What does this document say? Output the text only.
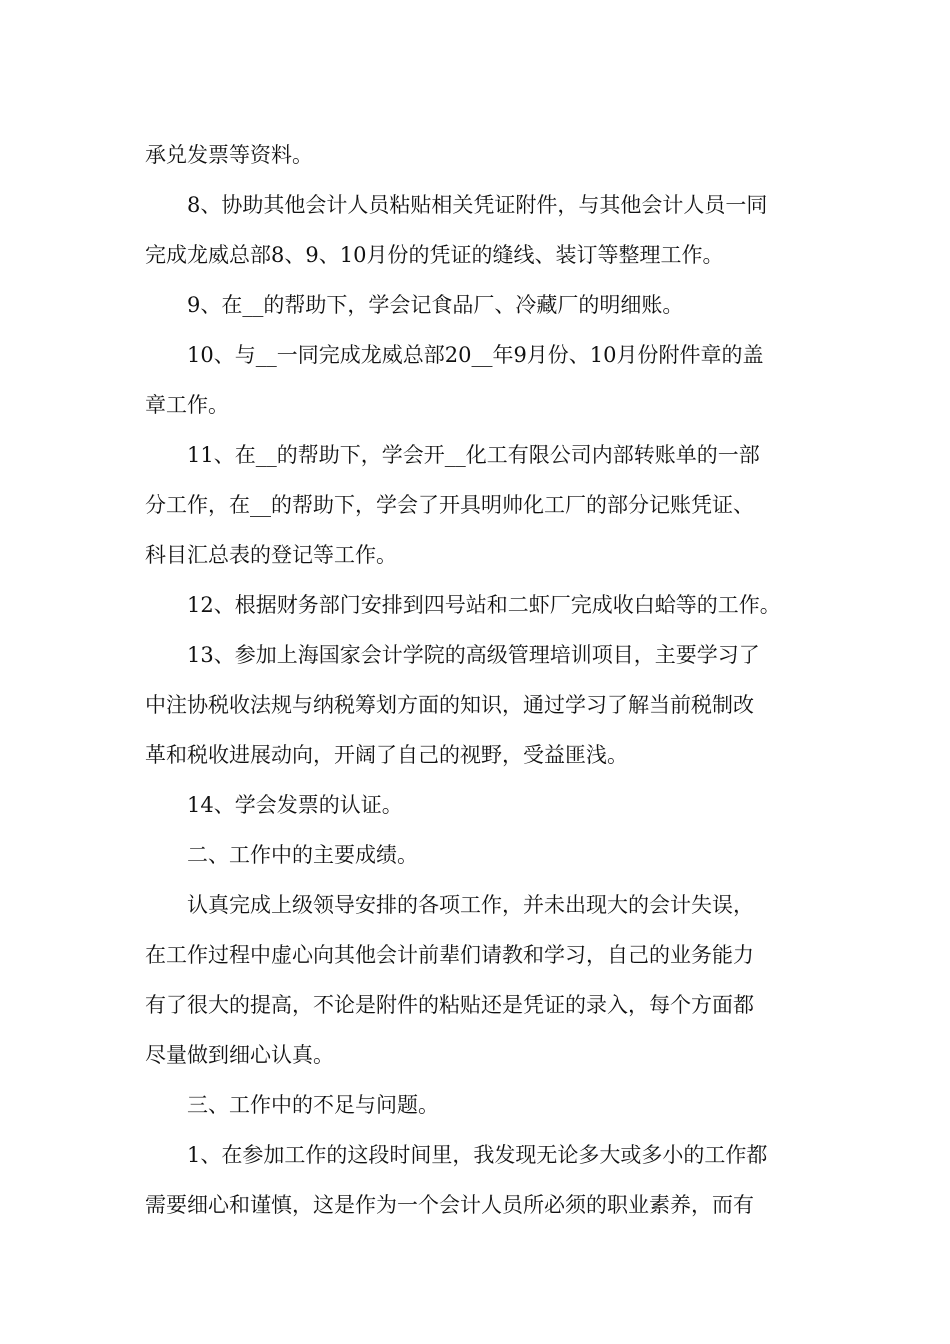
承兑发票等资料。
8、协助其他会计人员粘贴相关凭证附件，与其他会计人员一同
完成龙威总部8、9、10月份的凭证的缝线、装订等整理工作。
9、在__的帮助下，学会记食品厂、冷藏厂的明细账。
10、与__一同完成龙威总部20__年9月份、10月份附件章的盖
章工作。
11、在__的帮助下，学会开__化工有限公司内部转账单的一部
分工作，在__的帮助下，学会了开具明帅化工厂的部分记账凭证、
科目汇总表的登记等工作。
12、根据财务部门安排到四号站和二虾厂完成收白蛤等的工作。
13、参加上海国家会计学院的高级管理培训项目，主要学习了
中注协税收法规与纳税筹划方面的知识，通过学习了解当前税制改
革和税收进展动向，开阔了自己的视野，受益匪浅。
14、学会发票的认证。
二、工作中的主要成绩。
认真完成上级领导安排的各项工作，并未出现大的会计失误，
在工作过程中虚心向其他会计前辈们请教和学习，自己的业务能力
有了很大的提高，不论是附件的粘贴还是凭证的录入，每个方面都
尽量做到细心认真。
三、工作中的不足与问题。
1、在参加工作的这段时间里，我发现无论多大或多小的工作都
需要细心和谨慎，这是作为一个会计人员所必须的职业素养，而有
